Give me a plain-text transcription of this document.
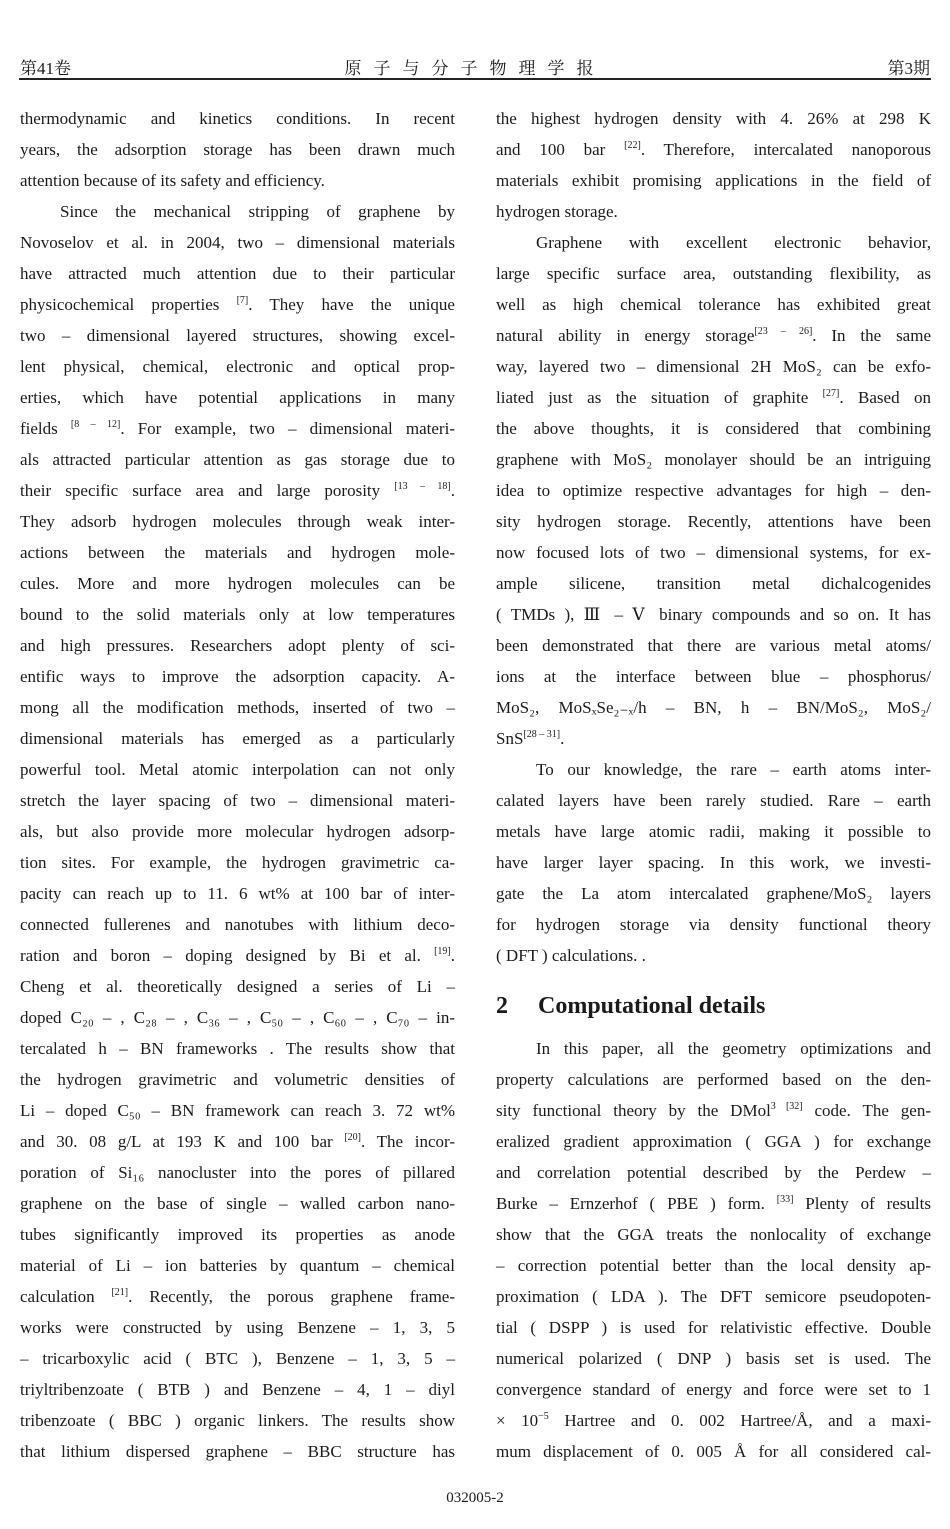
第41卷	原子与分子物理学报	第3期
thermodynamic and kinetics conditions. In recent
years, the adsorption storage has been drawn much
attention because of its safety and efficiency.
Since the mechanical stripping of graphene by
Novoselov et al. in 2004, two – dimensional materials
have attracted much attention due to their particular
physicochemical properties [7]. They have the unique
two – dimensional layered structures, showing excel-
lent physical, chemical, electronic and optical prop-
erties, which have potential applications in many
fields [8 – 12]. For example, two – dimensional materi-
als attracted particular attention as gas storage due to
their specific surface area and large porosity [13 – 18].
They adsorb hydrogen molecules through weak inter-
actions between the materials and hydrogen mole-
cules. More and more hydrogen molecules can be
bound to the solid materials only at low temperatures
and high pressures. Researchers adopt plenty of sci-
entific ways to improve the adsorption capacity. A-
mong all the modification methods, inserted of two –
dimensional materials has emerged as a particularly
powerful tool. Metal atomic interpolation can not only
stretch the layer spacing of two – dimensional materi-
als, but also provide more molecular hydrogen adsorp-
tion sites. For example, the hydrogen gravimetric ca-
pacity can reach up to 11. 6 wt% at 100 bar of inter-
connected fullerenes and nanotubes with lithium deco-
ration and boron – doping designed by Bi et al. [19].
Cheng et al. theoretically designed a series of Li –
doped C₂₀ – , C₂₈ – , C₃₆ – , C₅₀ – , C₆₀ – , C₇₀ – in-
tercalated h – BN frameworks . The results show that
the hydrogen gravimetric and volumetric densities of
Li – doped C₅₀ – BN framework can reach 3. 72 wt%
and 30. 08 g/L at 193 K and 100 bar [20]. The incor-
poration of Si₁₆ nanocluster into the pores of pillared
graphene on the base of single – walled carbon nano-
tubes significantly improved its properties as anode
material of Li – ion batteries by quantum – chemical
calculation [21]. Recently, the porous graphene frame-
works were constructed by using Benzene – 1, 3, 5
– tricarboxylic acid ( BTC ), Benzene – 1, 3, 5 –
triyltribenzoate ( BTB ) and Benzene – 4, 1 – diyl
tribenzoate ( BBC ) organic linkers. The results show
that lithium dispersed graphene – BBC structure has
the highest hydrogen density with 4. 26% at 298 K
and 100 bar [22]. Therefore, intercalated nanoporous
materials exhibit promising applications in the field of
hydrogen storage.
Graphene with excellent electronic behavior,
large specific surface area, outstanding flexibility, as
well as high chemical tolerance has exhibited great
natural ability in energy storage[23 – 26]. In the same
way, layered two – dimensional 2H MoS₂ can be exfo-
liated just as the situation of graphite [27]. Based on
the above thoughts, it is considered that combining
graphene with MoS₂ monolayer should be an intriguing
idea to optimize respective advantages for high – den-
sity hydrogen storage. Recently, attentions have been
now focused lots of two – dimensional systems, for ex-
ample silicene, transition metal dichalcogenides
( TMDs ), Ⅲ – Ⅴ binary compounds and so on. It has
been demonstrated that there are various metal atoms/
ions at the interface between blue – phosphorus/
MoS₂, MoSₓSe₂₋ₓ/h – BN, h – BN/MoS₂, MoS₂/
SnS[28 – 31].
To our knowledge, the rare – earth atoms inter-
calated layers have been rarely studied. Rare – earth
metals have large atomic radii, making it possible to
have larger layer spacing. In this work, we investi-
gate the La atom intercalated graphene/MoS₂ layers
for hydrogen storage via density functional theory
( DFT ) calculations. .
2 Computational details
In this paper, all the geometry optimizations and
property calculations are performed based on the den-
sity functional theory by the DMol$^{3 [32]}$ code. The gen-
eralized gradient approximation ( GGA ) for exchange
and correlation potential described by the Perdew –
Burke – Ernzerhof ( PBE ) form. [33] Plenty of results
show that the GGA treats the nonlocality of exchange
– correction potential better than the local density ap-
proximation ( LDA ). The DFT semicore pseudopoten-
tial ( DSPP ) is used for relativistic effective. Double
numerical polarized ( DNP ) basis set is used. The
convergence standard of energy and force were set to 1
× $10^{-5}$ Hartree and 0. 002 Hartree/Å, and a maxi-
mum displacement of 0. 005 Å for all considered cal-
032005-2
